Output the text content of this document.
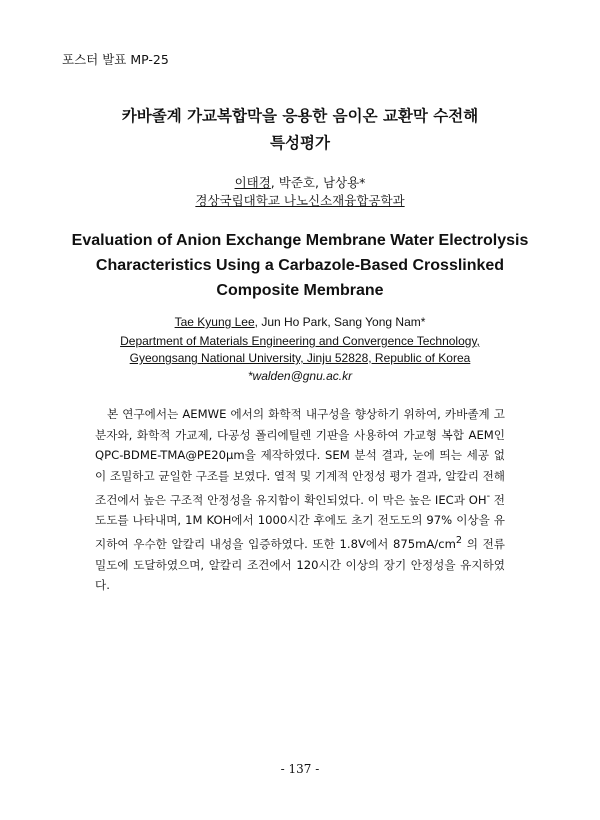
포스터 발표 MP-25
카바졸계 가교복합막을 응용한 음이온 교환막 수전해
특성평가
이태경, 박준호, 남상용*
경상국립대학교 나노신소재융합공학과
Evaluation of Anion Exchange Membrane Water Electrolysis
Characteristics Using a Carbazole-Based Crosslinked
Composite Membrane
Tae Kyung Lee, Jun Ho Park, Sang Yong Nam*
Department of Materials Engineering and Convergence Technology,
Gyeongsang National University, Jinju 52828, Republic of Korea
*walden@gnu.ac.kr
본 연구에서는 AEMWE 에서의 화학적 내구성을 향상하기 위하여, 카바졸계 고분자와, 화학적 가교제, 다공성 폴리에틸렌 기판을 사용하여 가교형 복합 AEM인 QPC-BDME-TMA@PE20μm을 제작하였다. SEM 분석 결과, 눈에 띄는 세공 없이 조밀하고 균일한 구조를 보였다. 열적 및 기계적 안정성 평가 결과, 알칼리 전해 조건에서 높은 구조적 안정성을 유지함이 확인되었다. 이 막은 높은 IEC과 OH- 전도도를 나타내며, 1M KOH에서 1000시간 후에도 초기 전도도의 97% 이상을 유지하여 우수한 알칼리 내성을 입증하였다. 또한 1.8V에서 $875mA/cm^2$ 의 전류밀도에 도달하였으며, 알칼리 조건에서 120시간 이상의 장기 안정성을 유지하였다.
- 137 -
